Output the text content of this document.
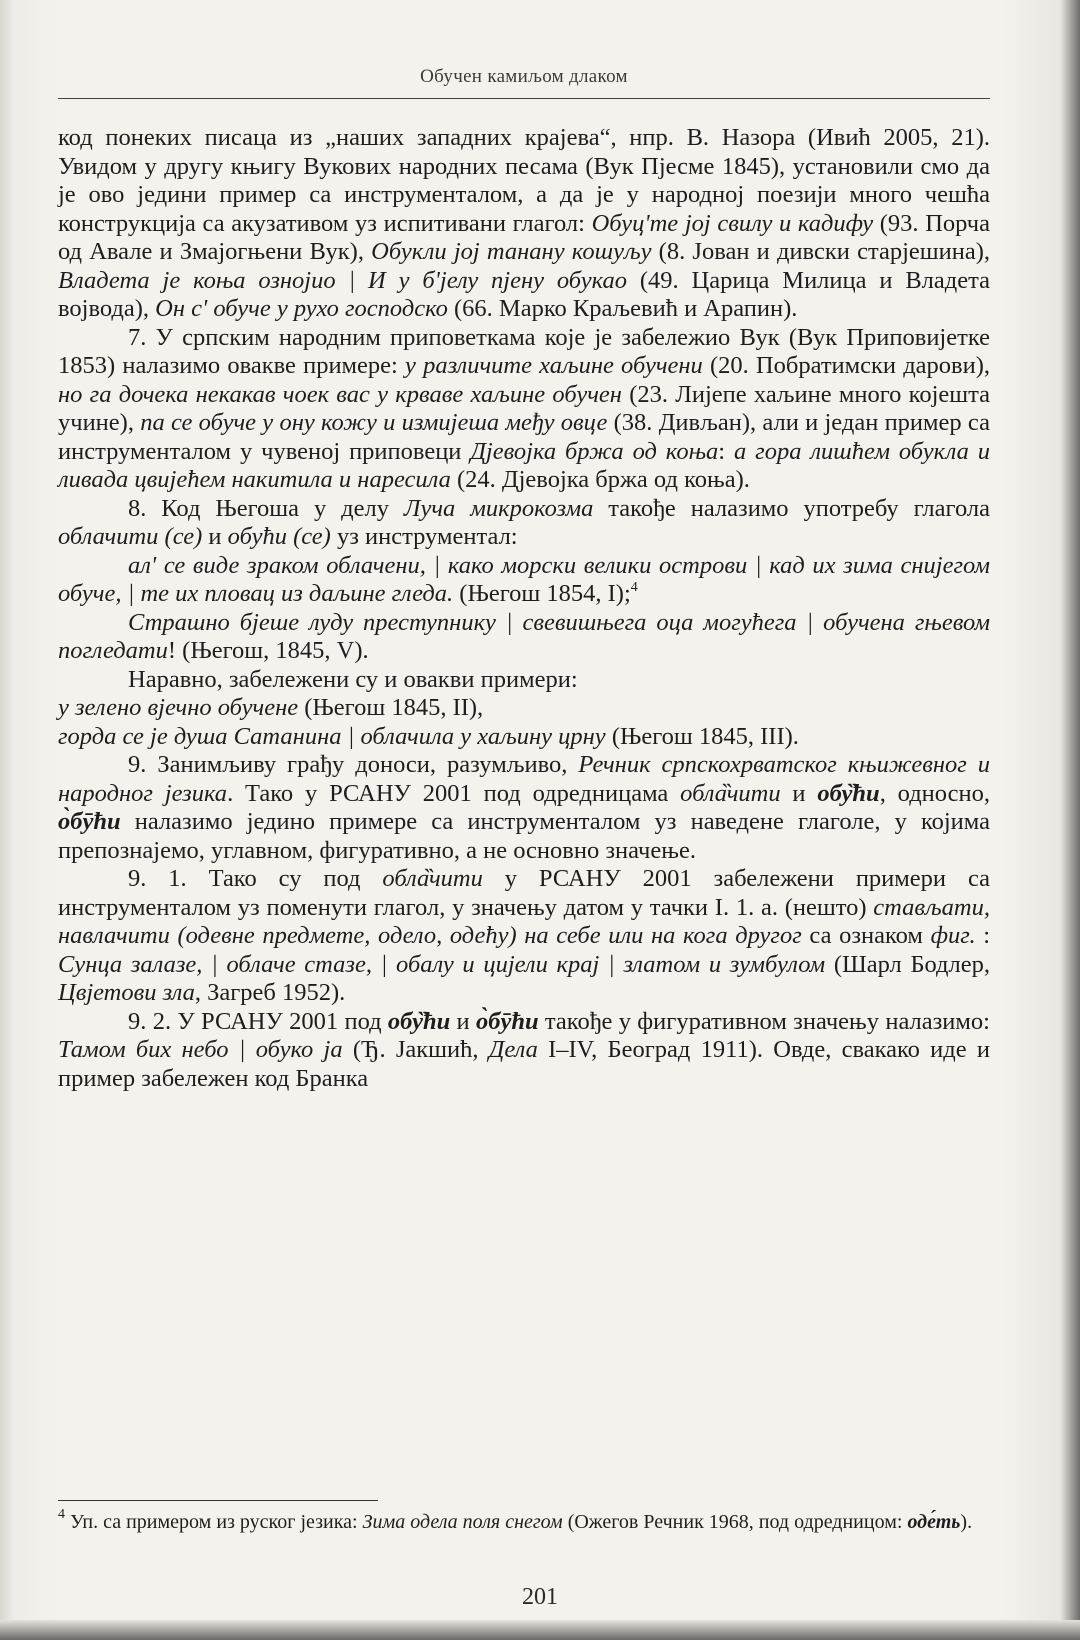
Обучен камиљом длаком

код понеких писаца из „наших западних крајева“, нпр. В. Назора (Ивић 2005, 21). Увидом у другу књигу Вукових народних песама (Вук Пјесме 1845), установили смо да је ово једини пример са инструменталом, а да је у народној поезији много чешћа конструкција са акузативом уз испитивани глагол: Обуц'те јој свилу и кадифу (93. Порча од Авале и Змајогњени Вук), Обукли јој танану кошуљу (8. Јован и дивски старјешина), Владета је коња ознојио | И у б'јелу пјену обукао (49. Царица Милица и Владета војвода), Он с' обуче у рухо господско (66. Марко Краљевић и Арапин).

7. У српским народним приповеткама које је забележио Вук (Вук Приповијетке 1853) налазимо овакве примере: у различите хаљине обучени (20. Побратимски дарови), но га дочека некакав чоек вас у крваве хаљине обучен (23. Лијепе хаљине много којешта учине), па се обуче у ону кожу и измијеша међу овце (38. Дивљан), али и један пример са инструменталом у чувеној приповеци Дјевојка бржа од коња: а гора лишћем обукла и ливада цвијећем накитила и наресила (24. Дјевојка бржа од коња).

8. Код Његоша у делу Луча микрокозма такође налазимо употребу глагола облачити (се) и обући (се) уз инструментал:

ал' се виде зраком облачени, | како морски велики острови | кад их зима снијегом обуче, | те их пловац из даљине гледа. (Његош 1854, I);$^4$

Страшно бјеше луду преступнику | свевишњега оца могућега | обучена гњевом погледати! (Његош, 1845, V).

Наравно, забележени су и овакви примери:

у зелено вјечно обучене (Његош 1845, II),

горда се је душа Сатанина | облачила у хаљину црну (Његош 1845, III).

9. Занимљиву грађу доноси, разумљиво, Речник српскохрватског књижевног и народног језика. Тако у РСАНУ 2001 под одредницама обла̏чити и обу̏ћи, односно, о̀бӯћи налазимо једино примере са инструменталом уз наведене глаголе, у којима препознајемо, углавном, фигуративно, а не основно значење.

9. 1. Тако су под обла̏чити у РСАНУ 2001 забележени примери са инструменталом уз поменути глагол, у значењу датом у тачки I. 1. а. (нешто) стављати, навлачити (одевне предмете, одело, одећу) на себе или на кога другог са ознаком фиг. : Сунца залазе, | облаче стазе, | обалу и цијели крај | златом и зумбулом (Шарл Бодлер, Цвјетови зла, Загреб 1952).

9. 2. У РСАНУ 2001 под обу̏ћи и о̀бӯћи такође у фигуративном значењу налазимо: Тамом бих небо | обуко ја (Ђ. Јакшић, Дела I–IV, Београд 1911). Овде, свакако иде и пример забележен код Бранка

$^4$ Уп. са примером из руског језика: Зима одела поля снегом (Ожегов Речник 1968, под одредницом: оде́ть).
201
